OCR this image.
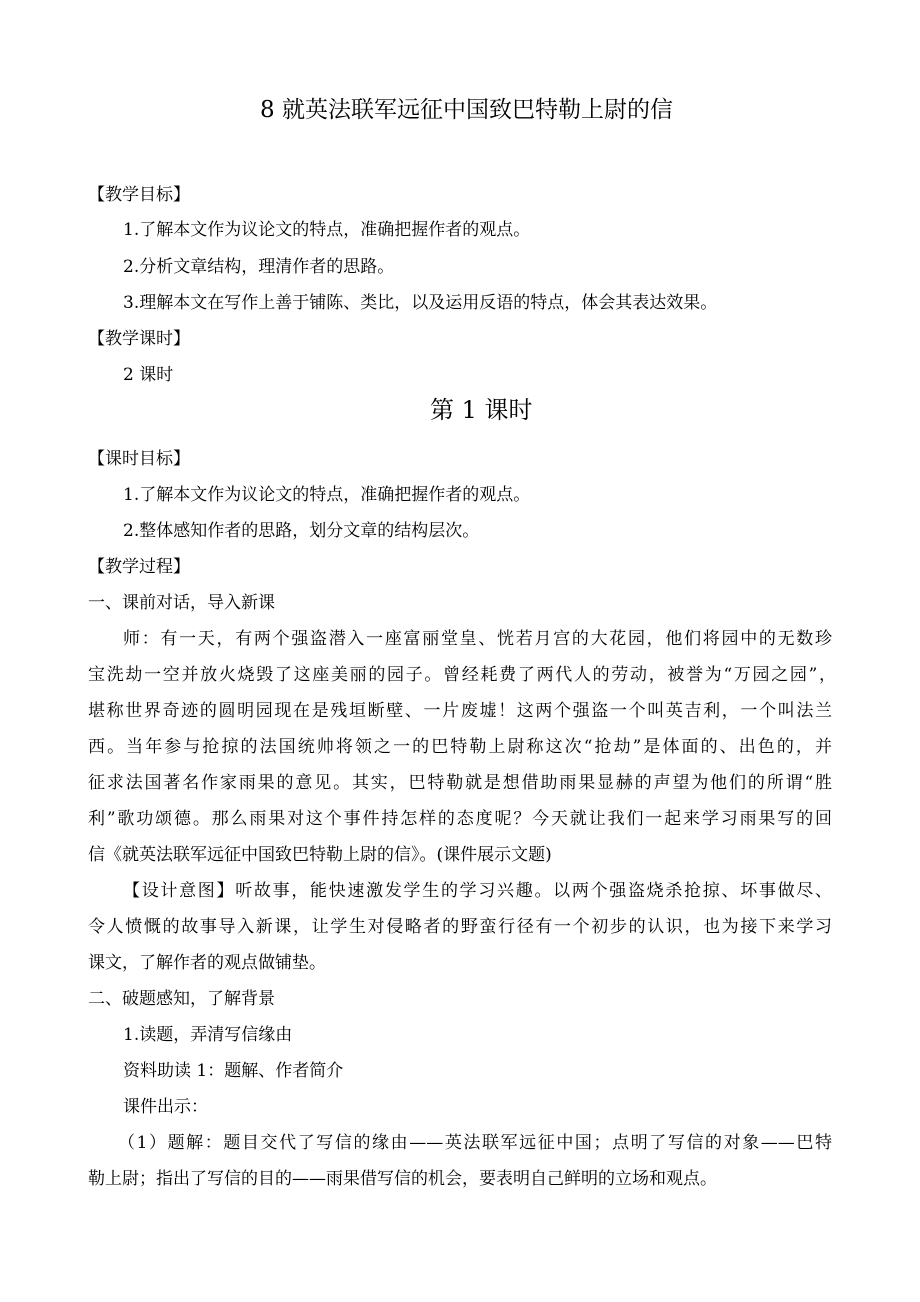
8 就英法联军远征中国致巴特勒上尉的信
【教学目标】
1.了解本文作为议论文的特点，准确把握作者的观点。
2.分析文章结构，理清作者的思路。
3.理解本文在写作上善于铺陈、类比，以及运用反语的特点，体会其表达效果。
【教学课时】
2 课时
第 1 课时
【课时目标】
1.了解本文作为议论文的特点，准确把握作者的观点。
2.整体感知作者的思路，划分文章的结构层次。
【教学过程】
一、课前对话，导入新课
师：有一天，有两个强盗潜入一座富丽堂皇、恍若月宫的大花园，他们将园中的无数珍
宝洗劫一空并放火烧毁了这座美丽的园子。曾经耗费了两代人的劳动，被誉为“万园之园”，
堪称世界奇迹的圆明园现在是残垣断壁、一片废墟！这两个强盗一个叫英吉利，一个叫法兰
西。当年参与抢掠的法国统帅将领之一的巴特勒上尉称这次“抢劫”是体面的、出色的，并
征求法国著名作家雨果的意见。其实，巴特勒就是想借助雨果显赫的声望为他们的所谓“胜
利”歌功颂德。那么雨果对这个事件持怎样的态度呢？今天就让我们一起来学习雨果写的回
信《就英法联军远征中国致巴特勒上尉的信》。(课件展示文题)
【设计意图】听故事，能快速激发学生的学习兴趣。以两个强盗烧杀抢掠、坏事做尽、
令人愤慨的故事导入新课，让学生对侵略者的野蛮行径有一个初步的认识，也为接下来学习
课文，了解作者的观点做铺垫。
二、破题感知，了解背景
1.读题，弄清写信缘由
资料助读 1：题解、作者简介
课件出示：
（1）题解：题目交代了写信的缘由——英法联军远征中国；点明了写信的对象——巴特
勒上尉；指出了写信的目的——雨果借写信的机会，要表明自己鲜明的立场和观点。
